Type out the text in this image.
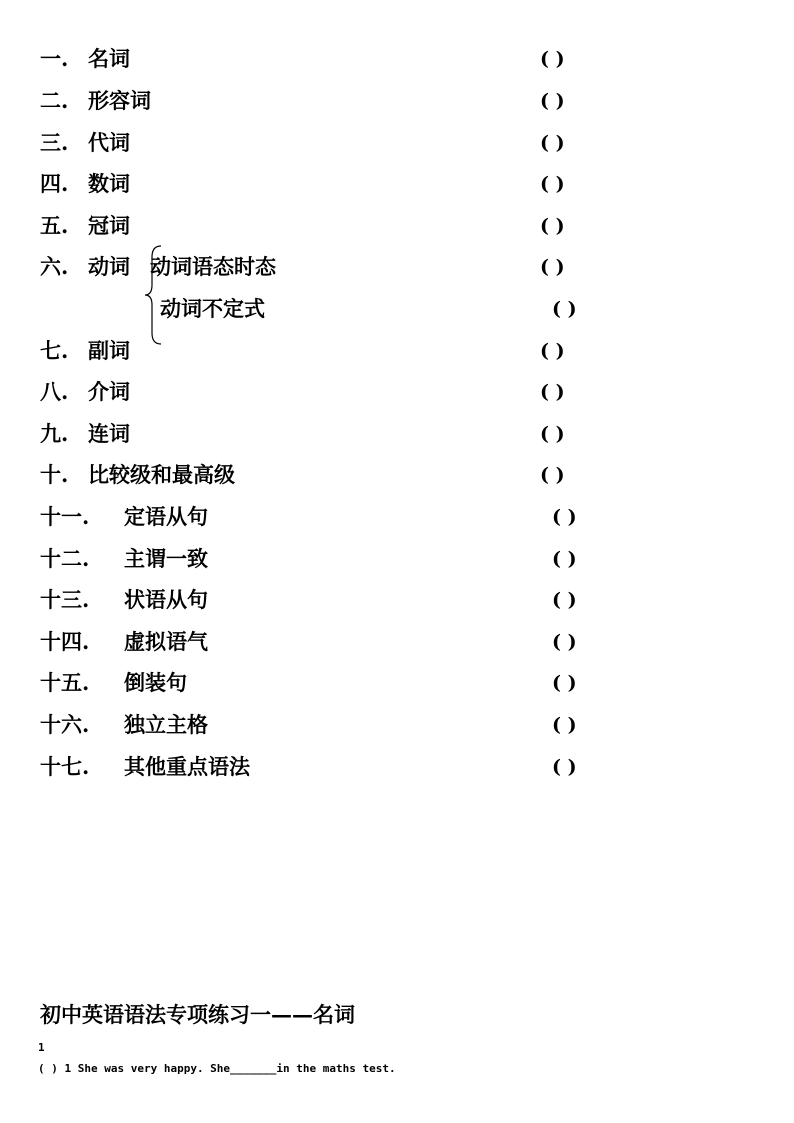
一. 名词	( )
二. 形容词	( )
三. 代词	( )
四. 数词	( )
五. 冠词	( )
六. 动词 动词语态时态	( )
动词不定式	( )
七. 副词	( )
八. 介词	( )
九. 连词	( )
十. 比较级和最高级	( )
十一. 定语从句	( )
十二. 主谓一致	( )
十三. 状语从句	( )
十四. 虚拟语气	( )
十五. 倒装句	( )
十六. 独立主格	( )
十七. 其他重点语法	( )
初中英语语法专项练习一——名词
1
( ) 1 She was very happy. She_______in the maths test.
